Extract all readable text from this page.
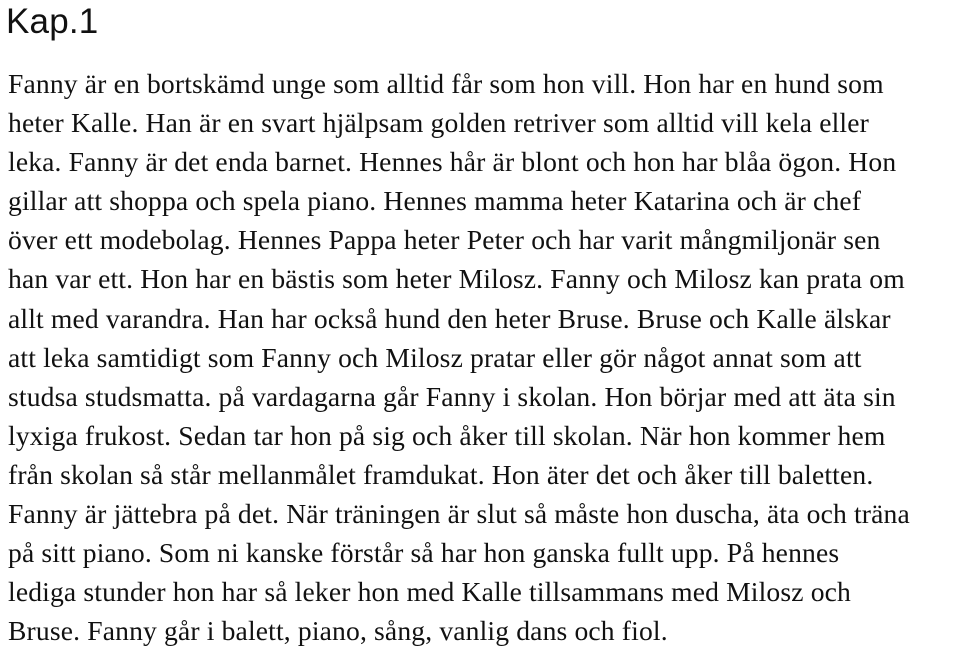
Kap.1

Fanny är en bortskämd unge som alltid får som hon vill. Hon har en hund som
heter Kalle. Han är en svart hjälpsam golden retriver som alltid vill kela eller
leka. Fanny är det enda barnet. Hennes hår är blont och hon har blåa ögon. Hon
gillar att shoppa och spela piano. Hennes mamma heter Katarina och är chef
över ett modebolag. Hennes Pappa heter Peter och har varit mångmiljonär sen
han var ett. Hon har en bästis som heter Milosz. Fanny och Milosz kan prata om
allt med varandra. Han har också hund den heter Bruse. Bruse och Kalle älskar
att leka samtidigt som Fanny och Milosz pratar eller gör något annat som att
studsa studsmatta. på vardagarna går Fanny i skolan. Hon börjar med att äta sin
lyxiga frukost. Sedan tar hon på sig och åker till skolan. När hon kommer hem
från skolan så står mellanmålet framdukat. Hon äter det och åker till baletten.
Fanny är jättebra på det. När träningen är slut så måste hon duscha, äta och träna
på sitt piano. Som ni kanske förstår så har hon ganska fullt upp. På hennes
lediga stunder hon har så leker hon med Kalle tillsammans med Milosz och
Bruse. Fanny går i balett, piano, sång, vanlig dans och fiol.
